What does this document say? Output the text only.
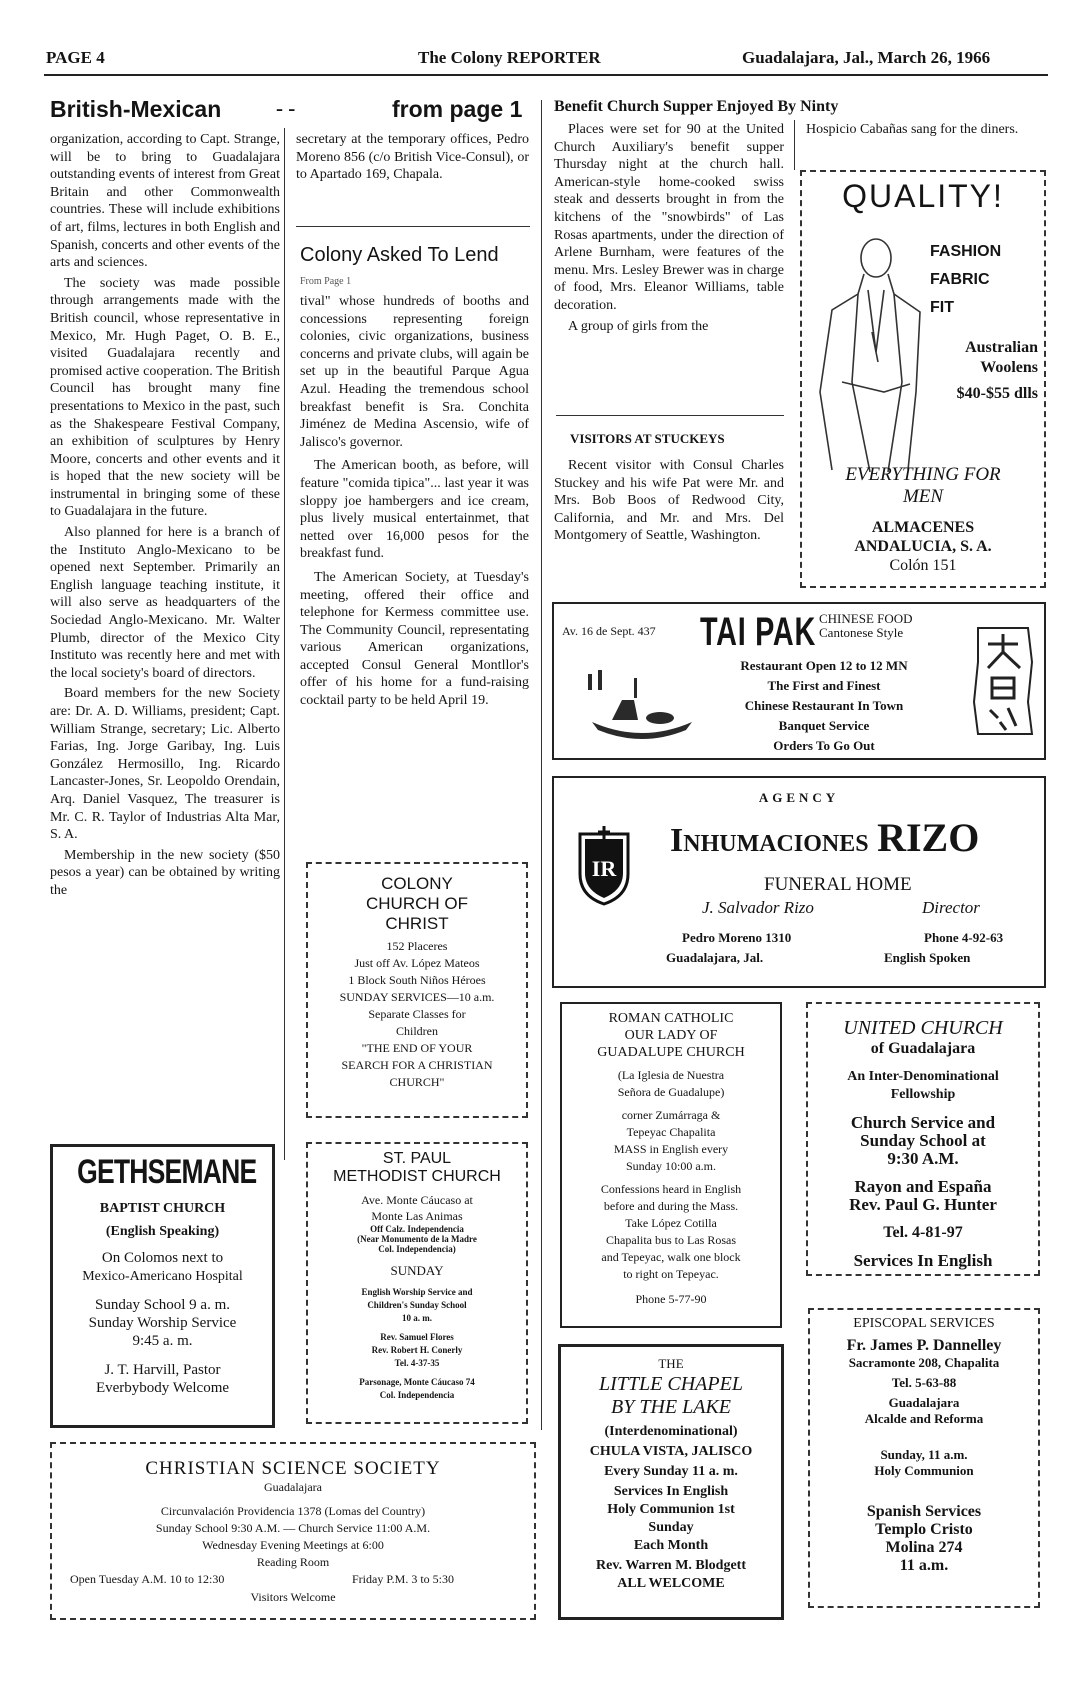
PAGE 4	The Colony REPORTER	Guadalajara, Jal., March 26, 1966
British-Mexican	- -	from page 1

organization, according to Capt. Strange, will be to bring to Guadalajara outstanding events of interest from Great Britain and other Commonwealth countries. These will include exhibitions of art, films, lectures in both English and Spanish, concerts and other events of the arts and sciences.

The society was made possible through arrangements made with the British council, whose representative in Mexico, Mr. Hugh Paget, O. B. E., visited Guadalajara recently and promised active cooperation. The British Council has brought many fine presentations to Mexico in the past, such as the Shakespeare Festival Company, an exhibition of sculptures by Henry Moore, concerts and other events and it is hoped that the new society will be instrumental in bringing some of these to Guadalajara in the future.

Also planned for here is a branch of the Instituto Anglo-Mexicano to be opened next September. Primarily an English language teaching institute, it will also serve as headquarters of the Sociedad Anglo-Mexicano. Mr. Walter Plumb, director of the Mexico City Instituto was recently here and met with the local society's board of directors.

Board members for the new Society are: Dr. A. D. Williams, president; Capt. William Strange, secretary; Lic. Alberto Farias, Ing. Jorge Garibay, Ing. Luis González Hermosillo, Ing. Ricardo Lancaster-Jones, Sr. Leopoldo Orendain, Arq. Daniel Vasquez, The treasurer is Mr. C. R. Taylor of Industrias Alta Mar, S. A.

Membership in the new society ($50 pesos a year) can be obtained by writing the

GETHSEMANE
BAPTIST CHURCH
(English Speaking)
On Colomos next to
Mexico-Americano Hospital
Sunday School 9 a. m.
Sunday Worship Service
9:45 a. m.
J. T. Harvill, Pastor
Everbybody Welcome
secretary at the temporary offices, Pedro Moreno 856 (c/o British Vice-Consul), or to Apartado 169, Chapala.
Colony Asked To Lend
From Page 1

tival" whose hundreds of booths and concessions representing foreign colonies, civic organizations, business concerns and private clubs, will again be set up in the beautiful Parque Agua Azul. Heading the tremendous school breakfast benefit is Sra. Conchita Jiménez de Medina Ascensio, wife of Jalisco's governor.

The American booth, as before, will feature "comida tipica"... last year it was sloppy joe hambergers and ice cream, plus lively musical entertainmet, that netted over 16,000 pesos for the breakfast fund.

The American Society, at Tuesday's meeting, offered their office and telephone for Kermess committee use. The Community Council, representating various American organizations, accepted Consul General Montllor's offer of his home for a fund-raising cocktail party to be held April 19.

COLONY
CHURCH OF
CHRIST
152 Placeres
Just off Av. López Mateos
1 Block South Niños Héroes
SUNDAY SERVICES—10 a.m.
Separate Classes for
Children
"THE END OF YOUR
SEARCH FOR A CHRISTIAN
CHURCH"
ST. PAUL
METHODIST CHURCH
Ave. Monte Cáucaso at
Monte Las Animas
Off Calz. Independencia
(Near Monumento de la Madre
Col. Independencia)
SUNDAY
English Worship Service and
Children's Sunday School
10 a. m.
Rev. Samuel Flores
Rev. Robert H. Conerly
Tel. 4-37-35
Parsonage, Monte Cáucaso 74
Col. Independencia
Benefit Church Supper Enjoyed By Ninty

Places were set for 90 at the United Church Auxiliary's benefit supper Thursday night at the church hall. American-style home-cooked swiss steak and desserts brought in from the kitchens of the "snowbirds" of Las Rosas apartments, under the direction of Arlene Burnham, were features of the menu. Mrs. Lesley Brewer was in charge of food, Mrs. Eleanor Williams, table decoration.

A group of girls from the

Hospicio Cabañas sang for the diners.
VISITORS AT STUCKEYS
Recent visitor with Consul Charles Stuckey and his wife Pat were Mr. and Mrs. Bob Boos of Redwood City, California, and Mr. and Mrs. Del Montgomery of Seattle, Washington.
QUALITY!
FASHION
FABRIC
FIT
Australian
Woolens
$40-$55 dlls
EVERYTHING FOR
MEN
ALMACENES
ANDALUCIA, S. A.
Colón 151
Av. 16 de Sept. 437 TAI PAK CHINESE FOOD
Cantonese Style
Restaurant Open 12 to 12 MN
The First and Finest
Chinese Restaurant In Town
Banquet Service
Orders To Go Out
AGENCY
IR
Inhumaciones RIZO
FUNERAL HOME
J. Salvador Rizo	Director
Pedro Moreno 1310
Guadalajara, Jal.
Phone 4-92-63
English Spoken
ROMAN CATHOLIC
OUR LADY OF
GUADALUPE CHURCH
(La Iglesia de Nuestra
Señora de Guadalupe)
corner Zumárraga &
Tepeyac Chapalita
MASS in English every
Sunday 10:00 a.m.
Confessions heard in English
before and during the Mass.
Take López Cotilla
Chapalita bus to Las Rosas
and Tepeyac, walk one block
to right on Tepeyac.
Phone 5-77-90
UNITED CHURCH
of Guadalajara
An Inter-Denominational
Fellowship
Church Service and
Sunday School at
9:30 A.M.
Rayon and España
Rev. Paul G. Hunter
Tel. 4-81-97
Services In English
THE
LITTLE CHAPEL
BY THE LAKE
(Interdenominational)
CHULA VISTA, JALISCO
Every Sunday 11 a. m.
Services In English
Holy Communion 1st
Sunday
Each Month
Rev. Warren M. Blodgett
ALL WELCOME
EPISCOPAL SERVICES
Fr. James P. Dannelley
Sacramonte 208, Chapalita
Tel. 5-63-88
Guadalajara
Alcalde and Reforma
Sunday, 11 a.m.
Holy Communion
Spanish Services
Templo Cristo
Molina 274
11 a.m.
CHRISTIAN SCIENCE SOCIETY
Guadalajara
Circunvalación Providencia 1378 (Lomas del Country)
Sunday School 9:30 A.M. — Church Service 11:00 A.M.
Wednesday Evening Meetings at 6:00
Reading Room
Open Tuesday A.M. 10 to 12:30	Friday P.M. 3 to 5:30
Visitors Welcome
